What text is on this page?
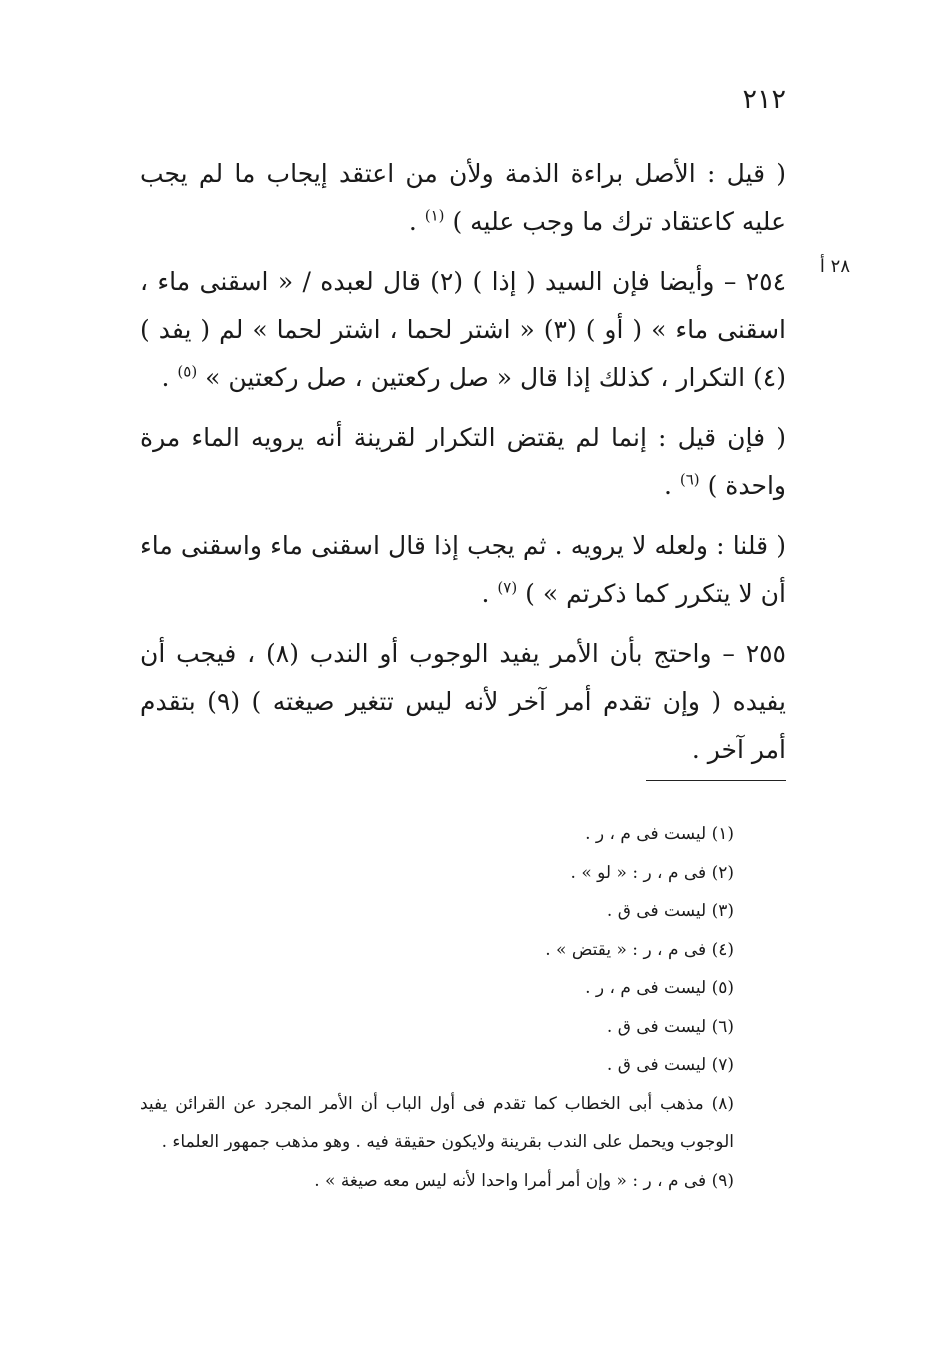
٢١٢
٢٨ أ

( قيل : الأصل براءة الذمة ولأن من اعتقد إيجاب ما لم يجب عليه كاعتقاد ترك ما وجب عليه ) $^{(١)}$ .

٢٥٤ – وأيضا فإن السيد ( إذا ) (٢) قال لعبده / « اسقنى ماء ، اسقنى ماء » ( أو ) (٣) « اشتر لحما ، اشتر لحما » لم ( يفد ) (٤) التكرار ، كذلك إذا قال « صل ركعتين ، صل ركعتين » $^{(٥)}$ .

( فإن قيل : إنما لم يقتض التكرار لقرينة أنه يرويه الماء مرة واحدة ) $^{(٦)}$ .

( قلنا : ولعله لا يرويه . ثم يجب إذا قال اسقنى ماء واسقنى ماء أن لا يتكرر كما ذكرتم » ) $^{(٧)}$ .

٢٥٥ – واحتج بأن الأمر يفيد الوجوب أو الندب (٨) ، فيجب أن يفيده ( وإن تقدم أمر آخر لأنه ليس تتغير صيغته ) (٩) بتقدم أمر آخر .

(١) ليست فى م ، ر .

(٢) فى م ، ر : « لو » .

(٣) ليست فى ق .

(٤) فى م ، ر : « يقتض » .

(٥) ليست فى م ، ر .

(٦) ليست فى ق .

(٧) ليست فى ق .

(٨) مذهب أبى الخطاب كما تقدم فى أول الباب أن الأمر المجرد عن القرائن يفيد الوجوب ويحمل على الندب بقرينة ولايكون حقيقة فيه . وهو مذهب جمهور العلماء .

(٩) فى م ، ر : « وإن أمر أمرا واحدا لأنه ليس معه صيغة » .
